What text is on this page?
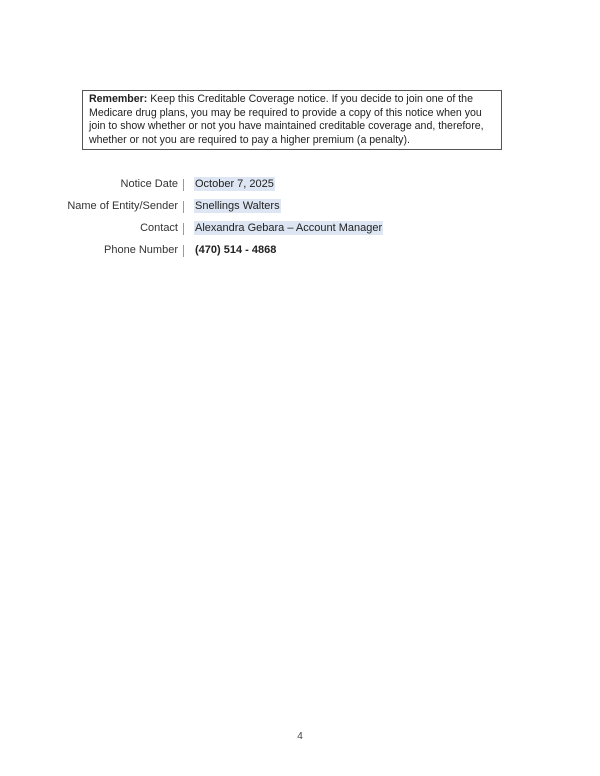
Remember: Keep this Creditable Coverage notice. If you decide to join one of the Medicare drug plans, you may be required to provide a copy of this notice when you join to show whether or not you have maintained creditable coverage and, therefore, whether or not you are required to pay a higher premium (a penalty).
Notice Date October 7, 2025
Name of Entity/Sender Snellings Walters
Contact Alexandra Gebara – Account Manager
Phone Number (470) 514 - 4868
4
